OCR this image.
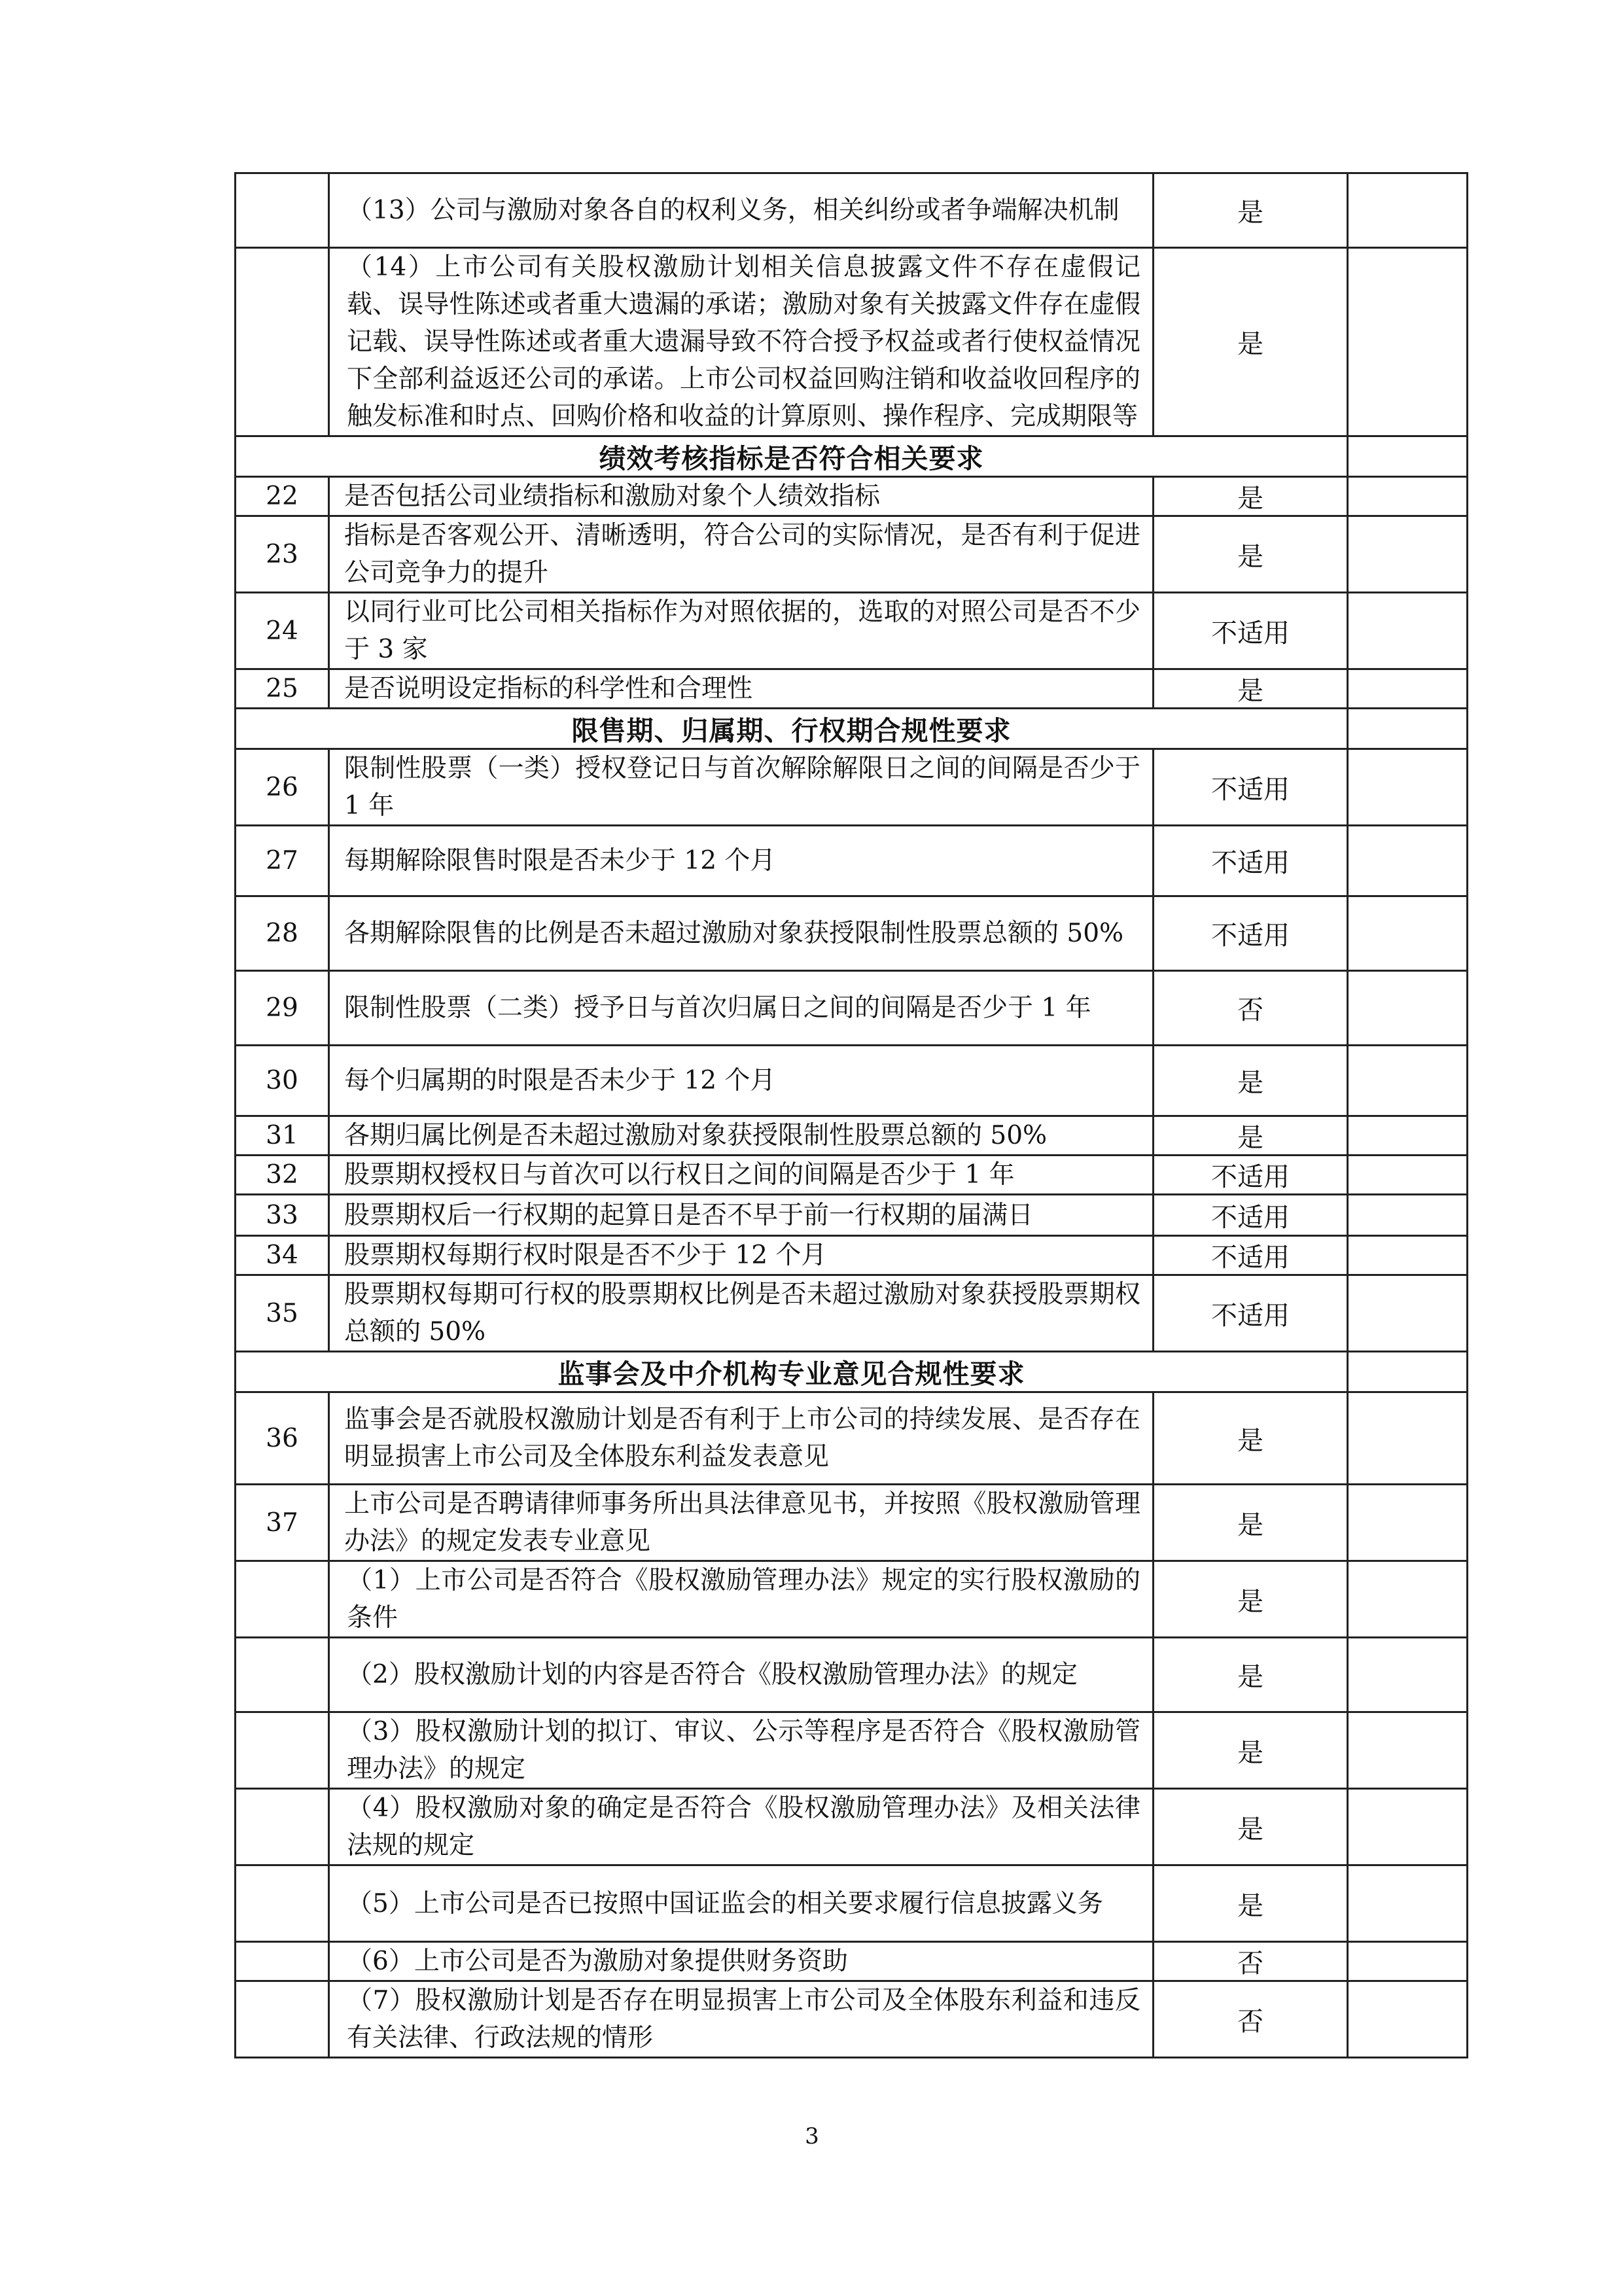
	（13）公司与激励对象各自的权利义务，相关纠纷或者争端解决机制	是	
	（14）上市公司有关股权激励计划相关信息披露文件不存在虚假记载、误导性陈述或者重大遗漏的承诺；激励对象有关披露文件存在虚假记载、误导性陈述或者重大遗漏导致不符合授予权益或者行使权益情况下全部利益返还公司的承诺。上市公司权益回购注销和收益收回程序的触发标准和时点、回购价格和收益的计算原则、操作程序、完成期限等	是	
绩效考核指标是否符合相关要求			
22	是否包括公司业绩指标和激励对象个人绩效指标	是	
23	指标是否客观公开、清晰透明，符合公司的实际情况，是否有利于促进公司竞争力的提升	是	
24	以同行业可比公司相关指标作为对照依据的，选取的对照公司是否不少于 3 家	不适用	
25	是否说明设定指标的科学性和合理性	是	
限售期、归属期、行权期合规性要求			
26	限制性股票（一类）授权登记日与首次解除解限日之间的间隔是否少于 1 年	不适用	
27	每期解除限售时限是否未少于 12 个月	不适用	
28	各期解除限售的比例是否未超过激励对象获授限制性股票总额的 50%	不适用	
29	限制性股票（二类）授予日与首次归属日之间的间隔是否少于 1 年	否	
30	每个归属期的时限是否未少于 12 个月	是	
31	各期归属比例是否未超过激励对象获授限制性股票总额的 50%	是	
32	股票期权授权日与首次可以行权日之间的间隔是否少于 1 年	不适用	
33	股票期权后一行权期的起算日是否不早于前一行权期的届满日	不适用	
34	股票期权每期行权时限是否不少于 12 个月	不适用	
35	股票期权每期可行权的股票期权比例是否未超过激励对象获授股票期权总额的 50%	不适用	
监事会及中介机构专业意见合规性要求			
36	监事会是否就股权激励计划是否有利于上市公司的持续发展、是否存在明显损害上市公司及全体股东利益发表意见	是	
37	上市公司是否聘请律师事务所出具法律意见书，并按照《股权激励管理办法》的规定发表专业意见	是	
	（1）上市公司是否符合《股权激励管理办法》规定的实行股权激励的条件	是	
	（2）股权激励计划的内容是否符合《股权激励管理办法》的规定	是	
	（3）股权激励计划的拟订、审议、公示等程序是否符合《股权激励管理办法》的规定	是	
	（4）股权激励对象的确定是否符合《股权激励管理办法》及相关法律法规的规定	是	
	（5）上市公司是否已按照中国证监会的相关要求履行信息披露义务	是	
	（6）上市公司是否为激励对象提供财务资助	否	
	（7）股权激励计划是否存在明显损害上市公司及全体股东利益和违反有关法律、行政法规的情形	否	
3
